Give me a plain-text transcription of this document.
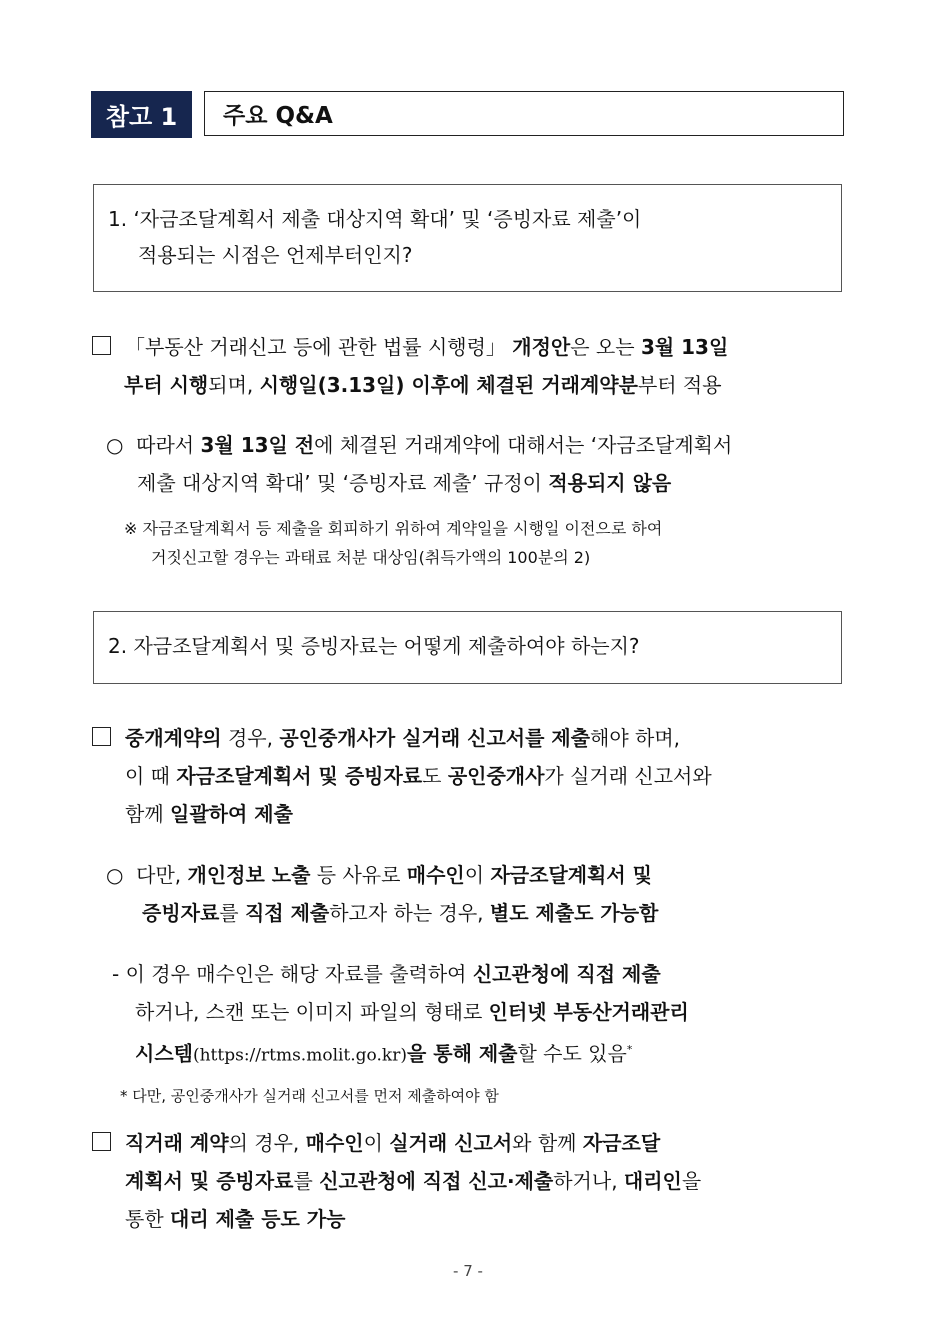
참고 1	주요 Q&A
1. ‘자금조달계획서 제출 대상지역 확대’ 및 ‘증빙자료 제출’이
적용되는 시점은 언제부터인지?
「부동산 거래신고 등에 관한 법률 시행령」 개정안은 오는 3월 13일
부터 시행되며, 시행일(3.13일) 이후에 체결된 거래계약분부터 적용
○ 따라서 3월 13일 전에 체결된 거래계약에 대해서는 ‘자금조달계획서
제출 대상지역 확대’ 및 ‘증빙자료 제출’ 규정이 적용되지 않음
※ 자금조달계획서 등 제출을 회피하기 위하여 계약일을 시행일 이전으로 하여
거짓신고할 경우는 과태료 처분 대상임(취득가액의 100분의 2)
2. 자금조달계획서 및 증빙자료는 어떻게 제출하여야 하는지?
중개계약의 경우, 공인중개사가 실거래 신고서를 제출해야 하며,
이 때 자금조달계획서 및 증빙자료도 공인중개사가 실거래 신고서와
함께 일괄하여 제출
○ 다만, 개인정보 노출 등 사유로 매수인이 자금조달계획서 및
증빙자료를 직접 제출하고자 하는 경우, 별도 제출도 가능함
- 이 경우 매수인은 해당 자료를 출력하여 신고관청에 직접 제출
하거나, 스캔 또는 이미지 파일의 형태로 인터넷 부동산거래관리
시스템(https://rtms.molit.go.kr)을 통해 제출할 수도 있음*
* 다만, 공인중개사가 실거래 신고서를 먼저 제출하여야 함
직거래 계약의 경우, 매수인이 실거래 신고서와 함께 자금조달
계획서 및 증빙자료를 신고관청에 직접 신고·제출하거나, 대리인을
통한 대리 제출 등도 가능
- 7 -
